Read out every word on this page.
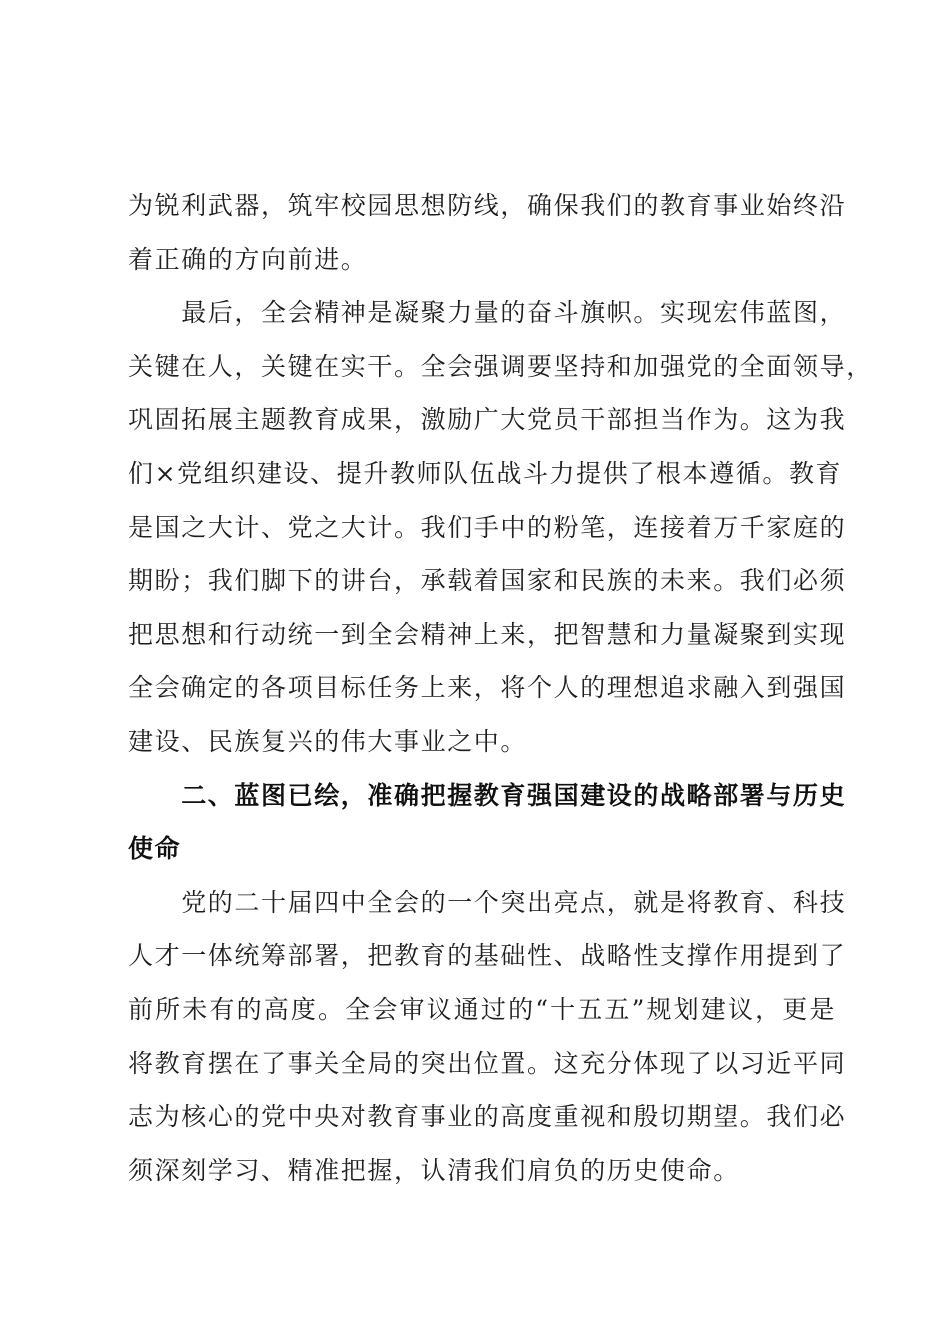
为锐利武器，筑牢校园思想防线，确保我们的教育事业始终沿
着正确的方向前进。

　　最后，全会精神是凝聚力量的奋斗旗帜。实现宏伟蓝图，
关键在人，关键在实干。全会强调要坚持和加强党的全面领导，
巩固拓展主题教育成果，激励广大党员干部担当作为。这为我
们×党组织建设、提升教师队伍战斗力提供了根本遵循。教育
是国之大计、党之大计。我们手中的粉笔，连接着万千家庭的
期盼；我们脚下的讲台，承载着国家和民族的未来。我们必须
把思想和行动统一到全会精神上来，把智慧和力量凝聚到实现
全会确定的各项目标任务上来，将个人的理想追求融入到强国
建设、民族复兴的伟大事业之中。

　　二、蓝图已绘，准确把握教育强国建设的战略部署与历史
使命

　　党的二十届四中全会的一个突出亮点，就是将教育、科技
人才一体统筹部署，把教育的基础性、战略性支撑作用提到了
前所未有的高度。全会审议通过的“十五五”规划建议，更是
将教育摆在了事关全局的突出位置。这充分体现了以习近平同
志为核心的党中央对教育事业的高度重视和殷切期望。我们必
须深刻学习、精准把握，认清我们肩负的历史使命。
